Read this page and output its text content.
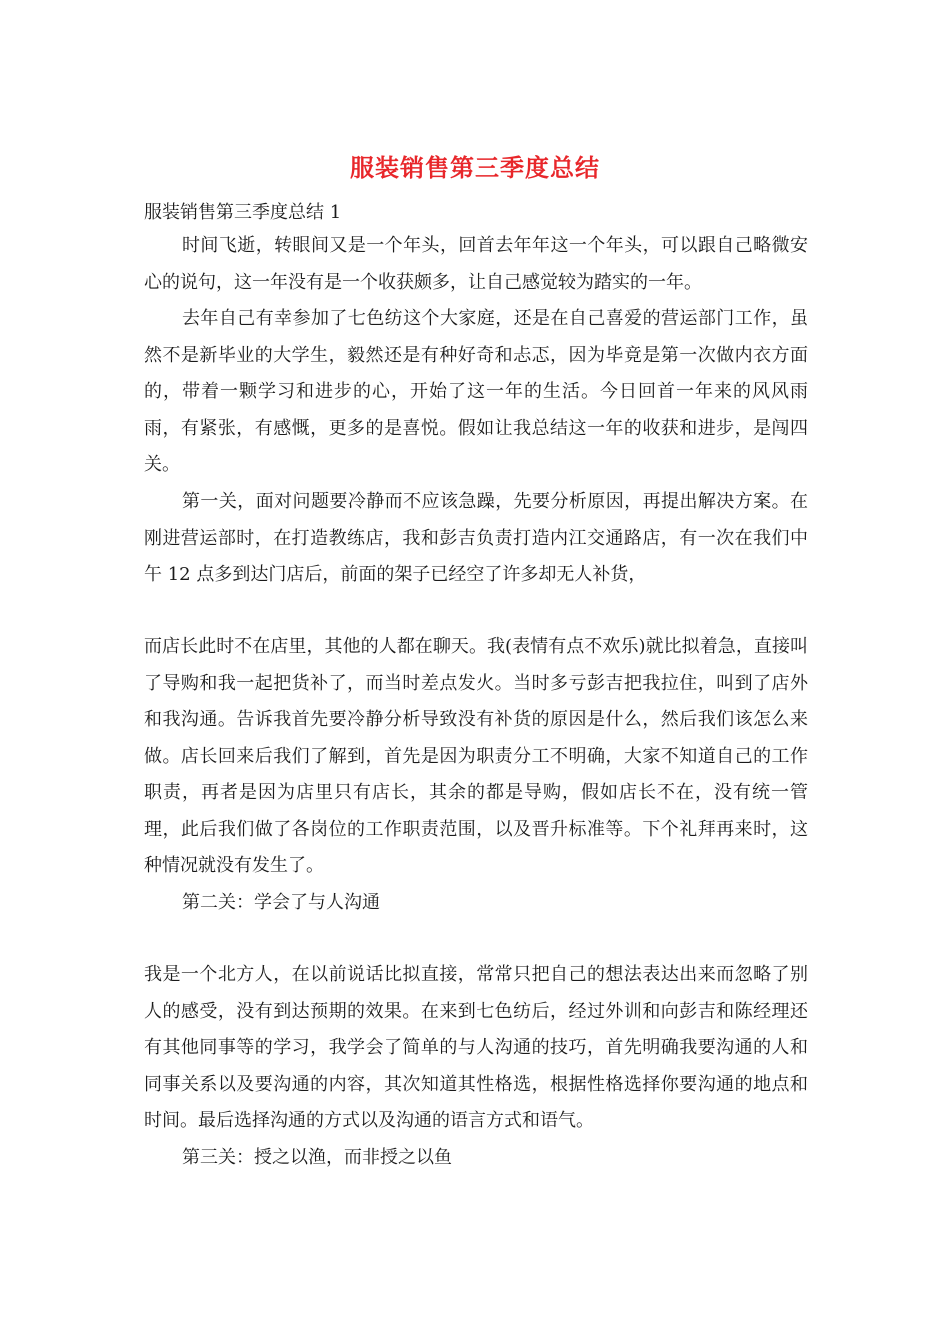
服装销售第三季度总结
服装销售第三季度总结 1

时间飞逝，转眼间又是一个年头，回首去年年这一个年头，可以跟自己略微安心的说句，这一年没有是一个收获颇多，让自己感觉较为踏实的一年。

去年自己有幸参加了七色纺这个大家庭，还是在自己喜爱的营运部门工作，虽然不是新毕业的大学生，毅然还是有种好奇和忐忑，因为毕竟是第一次做内衣方面的，带着一颗学习和进步的心，开始了这一年的生活。今日回首一年来的风风雨雨，有紧张，有感慨，更多的是喜悦。假如让我总结这一年的收获和进步，是闯四关。

第一关，面对问题要冷静而不应该急躁，先要分析原因，再提出解决方案。在刚进营运部时，在打造教练店，我和彭吉负责打造内江交通路店，有一次在我们中午 12 点多到达门店后，前面的架子已经空了许多却无人补货，

而店长此时不在店里，其他的人都在聊天。我(表情有点不欢乐)就比拟着急，直接叫了导购和我一起把货补了，而当时差点发火。当时多亏彭吉把我拉住，叫到了店外和我沟通。告诉我首先要冷静分析导致没有补货的原因是什么，然后我们该怎么来做。店长回来后我们了解到，首先是因为职责分工不明确，大家不知道自己的工作职责，再者是因为店里只有店长，其余的都是导购，假如店长不在，没有统一管理，此后我们做了各岗位的工作职责范围，以及晋升标准等。下个礼拜再来时，这种情况就没有发生了。

第二关：学会了与人沟通

我是一个北方人，在以前说话比拟直接，常常只把自己的想法表达出来而忽略了别人的感受，没有到达预期的效果。在来到七色纺后，经过外训和向彭吉和陈经理还有其他同事等的学习，我学会了简单的与人沟通的技巧，首先明确我要沟通的人和同事关系以及要沟通的内容，其次知道其性格选，根据性格选择你要沟通的地点和时间。最后选择沟通的方式以及沟通的语言方式和语气。

第三关：授之以渔，而非授之以鱼
